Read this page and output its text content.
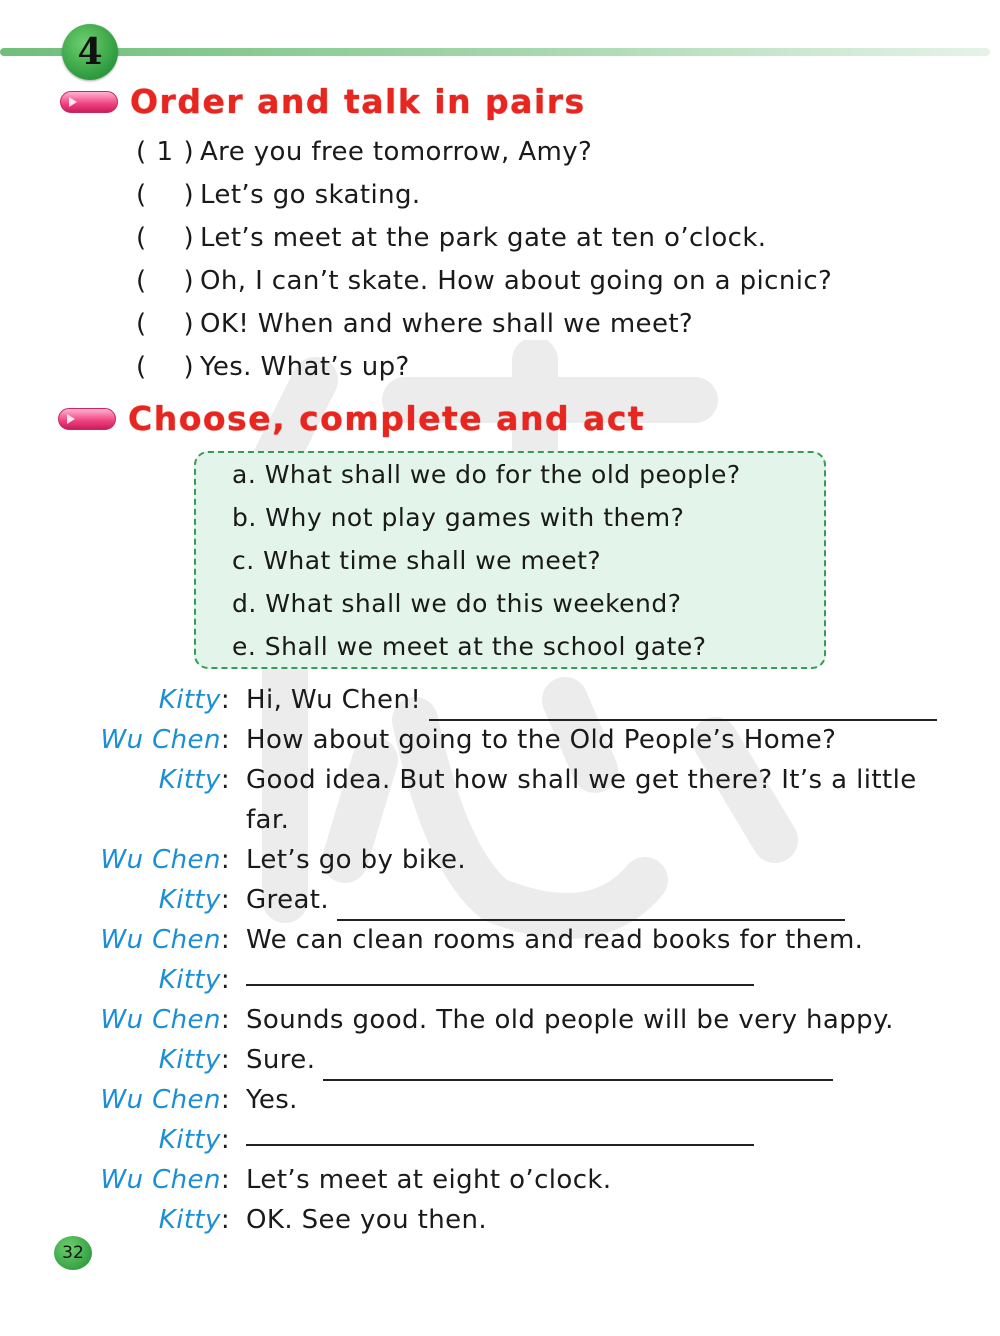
4
Order and talk in pairs
( 1 ) Are you free tomorrow, Amy?
( ) Let’s go skating.
( ) Let’s meet at the park gate at ten o’clock.
( ) Oh, I can’t skate. How about going on a picnic?
( ) OK! When and where shall we meet?
( ) Yes. What’s up?
Choose, complete and act
a. What shall we do for the old people?
b. Why not play games with them?
c. What time shall we meet?
d. What shall we do this weekend?
e. Shall we meet at the school gate?
Kitty: Hi, Wu Chen!
Wu Chen: How about going to the Old People’s Home?
Kitty: Good idea. But how shall we get there? It’s a little
far.
Wu Chen: Let’s go by bike.
Kitty: Great.
Wu Chen: We can clean rooms and read books for them.
Kitty:
Wu Chen: Sounds good. The old people will be very happy.
Kitty: Sure.
Wu Chen: Yes.
Kitty:
Wu Chen: Let’s meet at eight o’clock.
Kitty: OK. See you then.
32
